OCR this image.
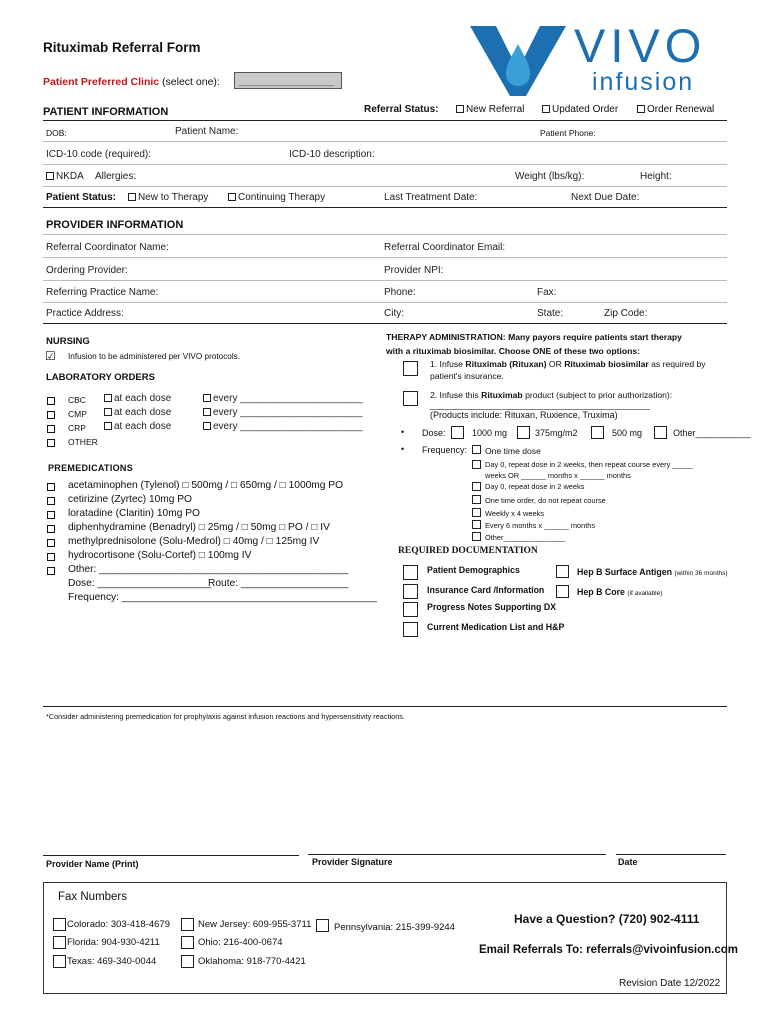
Rituximab Referral Form
Patient Preferred Clinic (select one):	___________________
VIVO
infusion
PATIENT INFORMATION	Referral Status:	New Referral	Updated Order	Order Renewal
DOB:	Patient Name:	Patient Phone:
ICD-10 code (required):	ICD-10 description:
NKDA Allergies:	Weight (lbs/kg):	Height:
Patient Status:	New to Therapy	Continuing Therapy	Last Treatment Date:	Next Due Date:
PROVIDER INFORMATION
Referral Coordinator Name:	Referral Coordinator Email:
Ordering Provider:	Provider NPI:
Referring Practice Name:	Phone:	Fax:
Practice Address:	City:	State:	Zip Code:
NURSING
☑ Infusion to be administered per VIVO protocols.
LABORATORY ORDERS
CBC	at each dose	every ______________________
CMP	at each dose	every ______________________
CRP	at each dose	every ______________________
OTHER
PREMEDICATIONS
acetaminophen (Tylenol) □ 500mg / □ 650mg / □ 1000mg PO
cetirizine (Zyrtec) 10mg PO
loratadine (Claritin) 10mg PO
diphenhydramine (Benadryl) □ 25mg / □ 50mg □ PO / □ IV
methylprednisolone (Solu-Medrol) □ 40mg / □ 125mg IV
hydrocortisone (Solu-Cortef) □ 100mg IV
Other: ____________________________________________
Dose: ____________________
Route: ___________________
Frequency: _____________________________________________
THERAPY ADMINISTRATION: Many payors require patients start therapy
with a rituximab biosimilar. Choose ONE of these two options:
1. Infuse Rituximab (Rituxan) OR Rituximab biosimilar as required by
patient's insurance.
2. Infuse this Rituximab product (subject to prior authorization):
______________________________________________
(Products include: Rituxan, Ruxience, Truxima)
• Dose:	1000 mg	375mg/m2	500 mg	Other___________
• Frequency: One time dose
Day 0, repeat dose in 2 weeks, then repeat course every _____
weeks OR ______ months x ______ months
Day 0, repeat dose in 2 weeks
One time order, do not repeat course
Weekly x 4 weeks
Every 6 months x ______ months
Other_______________
REQUIRED DOCUMENTATION
Patient Demographics	Hep B Surface Antigen (within 36 months)
Insurance Card /Information	Hep B Core (if available)
Progress Notes Supporting DX
Current Medication List and H&P
*Consider administering premedication for prophylaxis against infusion reactions and hypersensitivity reactions.
Provider Name (Print)	Provider Signature	Date
Fax Numbers
Colorado: 303-418-4679
Florida: 904-930-4211
Texas: 469-340-0044
New Jersey: 609-955-3711
Ohio: 216-400-0674
Oklahoma: 918-770-4421
Pennsylvania: 215-399-9244
Have a Question? (720) 902-4111
Email Referrals To: referrals@vivoinfusion.com
Revision Date 12/2022
